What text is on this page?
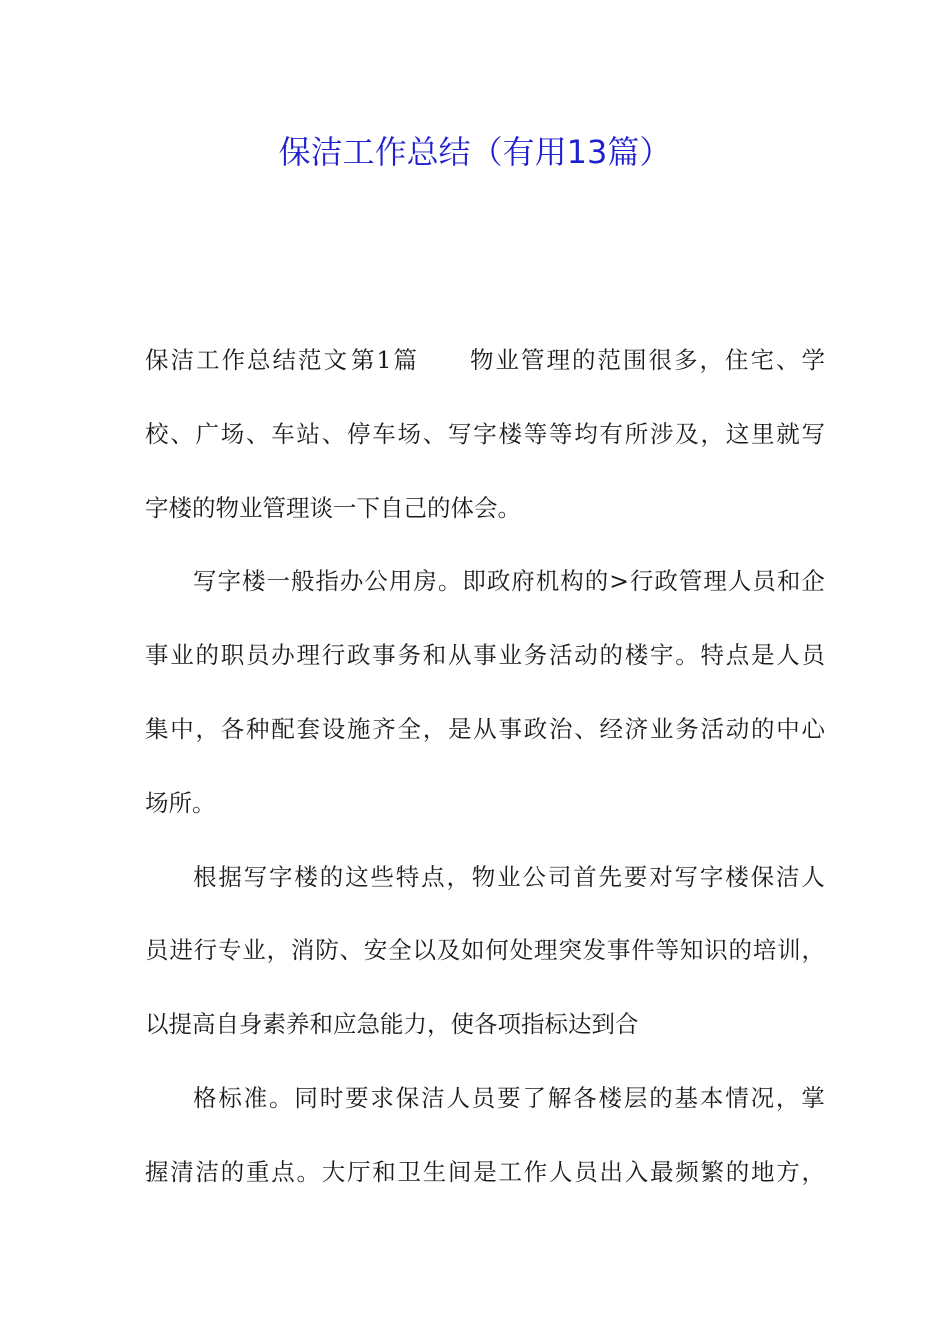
保洁工作总结（有用13篇）
保 洁 工 作 总 结 范 文 第 1 篇

　 物 业 管 理 的 范 围 很 多 ， 住 宅 、 学
校 、 广 场 、 车 站 、 停 车 场 、 写 字 楼 等 等 均 有 所 涉 及 ， 这 里 就 写
字 楼 的 物 业 管 理 谈 一 下 自 己 的 体 会 。
写 字 楼 一 般 指 办 公 用 房 。 即 政 府 机 构 的 > 行 政 管 理 人 员 和 企
事 业 的 职 员 办 理 行 政 事 务 和 从 事 业 务 活 动 的 楼 宇 。 特 点 是 人 员
集 中 ， 各 种 配 套 设 施 齐 全 ， 是 从 事 政 治 、 经 济 业 务 活 动 的 中 心
场 所 。
根 据 写 字 楼 的 这 些 特 点 ， 物 业 公 司 首 先 要 对 写 字 楼 保 洁 人
员 进 行 专 业 ， 消 防 、 安 全 以 及 如 何 处 理 突 发 事 件 等 知 识 的 培 训 ，
以 提 高 自 身 素 养 和 应 急 能 力 ， 使 各 项 指 标 达 到 合
格 标 准 。 同 时 要 求 保 洁 人 员 要 了 解 各 楼 层 的 基 本 情 况 ， 掌
握 清 洁 的 重 点 。 大 厅 和 卫 生 间 是 工 作 人 员 出 入 最 频 繁 的 地 方 ，
